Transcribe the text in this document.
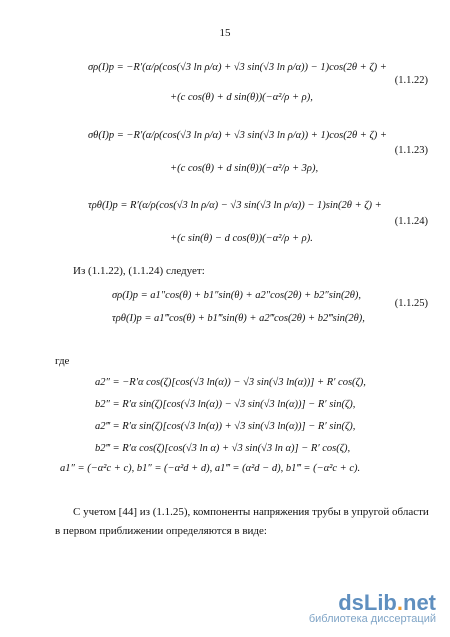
15
σρ(I)p = −R′(α/ρ(cos(√3 ln ρ/α) + √3 sin(√3 ln ρ/α)) − 1)cos(2θ + ζ) +
(1.1.22)
+(c cos(θ) + d sin(θ))(−α²/ρ + ρ),
σθ(I)p = −R′(α/ρ(cos(√3 ln ρ/α) + √3 sin(√3 ln ρ/α)) + 1)cos(2θ + ζ) +
(1.1.23)
+(c cos(θ) + d sin(θ))(−α²/ρ + 3ρ),
τρθ(I)p = R′(α/ρ(cos(√3 ln ρ/α) − √3 sin(√3 ln ρ/α)) − 1)sin(2θ + ζ) +
(1.1.24)
+(c sin(θ) − d cos(θ))(−α²/ρ + ρ).
Из (1.1.22), (1.1.24) следует:
σρ(I)p = a1″cos(θ) + b1″sin(θ) + a2″cos(2θ) + b2″sin(2θ),
(1.1.25)
τρθ(I)p = a1‴cos(θ) + b1‴sin(θ) + a2‴cos(2θ) + b2‴sin(2θ),
где
a2″ = −R′α cos(ζ)[cos(√3 ln(α)) − √3 sin(√3 ln(α))] + R′ cos(ζ),
b2″ = R′α sin(ζ)[cos(√3 ln(α)) − √3 sin(√3 ln(α))] − R′ sin(ζ),
a2‴ = R′α sin(ζ)[cos(√3 ln(α)) + √3 sin(√3 ln(α))] − R′ sin(ζ),
b2‴ = R′α cos(ζ)[cos(√3 ln α) + √3 sin(√3 ln α)] − R′ cos(ζ),
a1″ = (−α²c + c), b1″ = (−α²d + d), a1‴ = (α²d − d), b1‴ = (−α²c + c).
С учетом [44] из (1.1.25), компоненты напряжения трубы в упругой области в первом приближении определяются в виде:
dsLib.net
библиотека диссертаций
